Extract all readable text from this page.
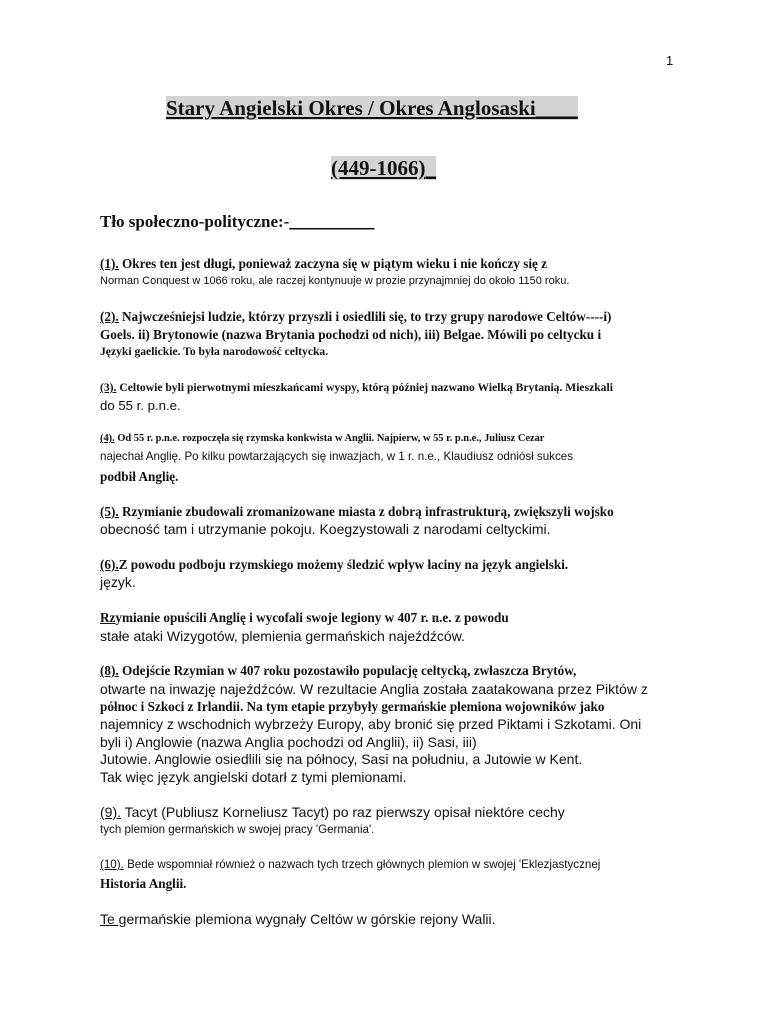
1
Stary Angielski Okres / Okres Anglosaski____
(449-1066)_
Tło społeczno-polityczne:-__________
(1). Okres ten jest długi, ponieważ zaczyna się w piątym wieku i nie kończy się z
Norman Conquest w 1066 roku, ale raczej kontynuuje w prozie przynajmniej do około 1150 roku.
(2). Najwcześniejsi ludzie, którzy przyszli i osiedlili się, to trzy grupy narodowe Celtów----i)
Goels. ii) Brytonowie (nazwa Brytania pochodzi od nich), iii) Belgae. Mówili po celtycku i
Języki gaelickie. To była narodowość celtycka.
(3). Celtowie byli pierwotnymi mieszkańcami wyspy, którą później nazwano Wielką Brytanią. Mieszkali
do 55 r. p.n.e.
(4). Od 55 r. p.n.e. rozpoczęła się rzymska konkwista w Anglii. Najpierw, w 55 r. p.n.e., Juliusz Cezar
najechał Anglię. Po kilku powtarzających się inwazjach, w 1 r. n.e., Klaudiusz odniósł sukces
podbił Anglię.
(5). Rzymianie zbudowali zromanizowane miasta z dobrą infrastrukturą, zwiększyli wojsko
obecność tam i utrzymanie pokoju. Koegzystowali z narodami celtyckimi.
(6).Z powodu podboju rzymskiego możemy śledzić wpływ łaciny na język angielski.
język.
Rzymianie opuścili Anglię i wycofali swoje legiony w 407 r. n.e. z powodu
stałe ataki Wizygotów, plemienia germańskich najeźdźców.
(8). Odejście Rzymian w 407 roku pozostawiło populację celtycką, zwłaszcza Brytów,
otwarte na inwazję najeźdźców. W rezultacie Anglia została zaatakowana przez Piktów z
północ i Szkoci z Irlandii. Na tym etapie przybyły germańskie plemiona wojowników jako
najemnicy z wschodnich wybrzeży Europy, aby bronić się przed Piktami i Szkotami. Oni
byli i) Anglowie (nazwa Anglia pochodzi od Anglii), ii) Sasi, iii)
Jutowie. Anglowie osiedlili się na północy, Sasi na południu, a Jutowie w Kent.
Tak więc język angielski dotarł z tymi plemionami.
(9). Tacyt (Publiusz Korneliusz Tacyt) po raz pierwszy opisał niektóre cechy
tych plemion germańskich w swojej pracy 'Germania'.
(10). Bede wspomniał również o nazwach tych trzech głównych plemion w swojej 'Eklezjastycznej
Historia Anglii.
Te germańskie plemiona wygnały Celtów w górskie rejony Walii.
